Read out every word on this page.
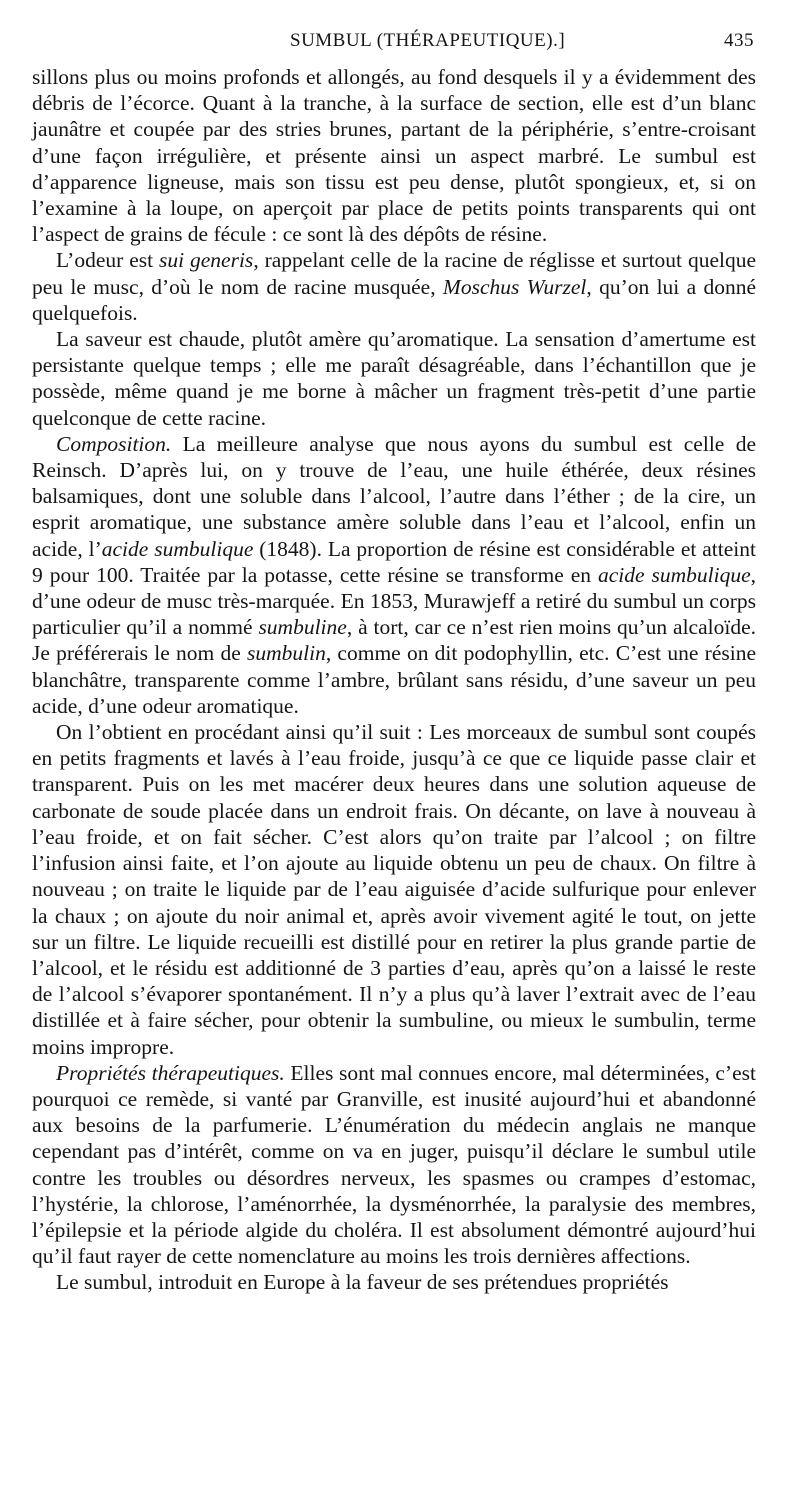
SUMBUL (THÉRAPEUTIQUE).]	435

sillons plus ou moins profonds et allongés, au fond desquels il y a évidemment des débris de l’écorce. Quant à la tranche, à la surface de section, elle est d’un blanc jaunâtre et coupée par des stries brunes, partant de la périphérie, s’entre-croisant d’une façon irrégulière, et présente ainsi un aspect marbré. Le sumbul est d’apparence ligneuse, mais son tissu est peu dense, plutôt spongieux, et, si on l’examine à la loupe, on aperçoit par place de petits points transparents qui ont l’aspect de grains de fécule : ce sont là des dépôts de résine.

L’odeur est sui generis, rappelant celle de la racine de réglisse et surtout quelque peu le musc, d’où le nom de racine musquée, Moschus Wurzel, qu’on lui a donné quelquefois.

La saveur est chaude, plutôt amère qu’aromatique. La sensation d’amertume est persistante quelque temps ; elle me paraît désagréable, dans l’échantillon que je possède, même quand je me borne à mâcher un fragment très-petit d’une partie quelconque de cette racine.

Composition. La meilleure analyse que nous ayons du sumbul est celle de Reinsch. D’après lui, on y trouve de l’eau, une huile éthérée, deux résines balsamiques, dont une soluble dans l’alcool, l’autre dans l’éther ; de la cire, un esprit aromatique, une substance amère soluble dans l’eau et l’alcool, enfin un acide, l’acide sumbulique (1848). La proportion de résine est considérable et atteint 9 pour 100. Traitée par la potasse, cette résine se transforme en acide sumbulique, d’une odeur de musc très-marquée. En 1853, Murawjeff a retiré du sumbul un corps particulier qu’il a nommé sumbuline, à tort, car ce n’est rien moins qu’un alcaloïde. Je préférerais le nom de sumbulin, comme on dit podophyllin, etc. C’est une résine blanchâtre, transparente comme l’ambre, brûlant sans résidu, d’une saveur un peu acide, d’une odeur aromatique.

On l’obtient en procédant ainsi qu’il suit : Les morceaux de sumbul sont coupés en petits fragments et lavés à l’eau froide, jusqu’à ce que ce liquide passe clair et transparent. Puis on les met macérer deux heures dans une solution aqueuse de carbonate de soude placée dans un endroit frais. On décante, on lave à nouveau à l’eau froide, et on fait sécher. C’est alors qu’on traite par l’alcool ; on filtre l’infusion ainsi faite, et l’on ajoute au liquide obtenu un peu de chaux. On filtre à nouveau ; on traite le liquide par de l’eau aiguisée d’acide sulfurique pour enlever la chaux ; on ajoute du noir animal et, après avoir vivement agité le tout, on jette sur un filtre. Le liquide recueilli est distillé pour en retirer la plus grande partie de l’alcool, et le résidu est additionné de 3 parties d’eau, après qu’on a laissé le reste de l’alcool s’évaporer spontanément. Il n’y a plus qu’à laver l’extrait avec de l’eau distillée et à faire sécher, pour obtenir la sumbuline, ou mieux le sumbulin, terme moins impropre.

Propriétés thérapeutiques. Elles sont mal connues encore, mal déterminées, c’est pourquoi ce remède, si vanté par Granville, est inusité aujourd’hui et abandonné aux besoins de la parfumerie. L’énumération du médecin anglais ne manque cependant pas d’intérêt, comme on va en juger, puisqu’il déclare le sumbul utile contre les troubles ou désordres nerveux, les spasmes ou crampes d’estomac, l’hystérie, la chlorose, l’aménorrhée, la dysménorrhée, la paralysie des membres, l’épilepsie et la période algide du choléra. Il est absolument démontré aujourd’hui qu’il faut rayer de cette nomenclature au moins les trois dernières affections.

Le sumbul, introduit en Europe à la faveur de ses prétendues propriétés
